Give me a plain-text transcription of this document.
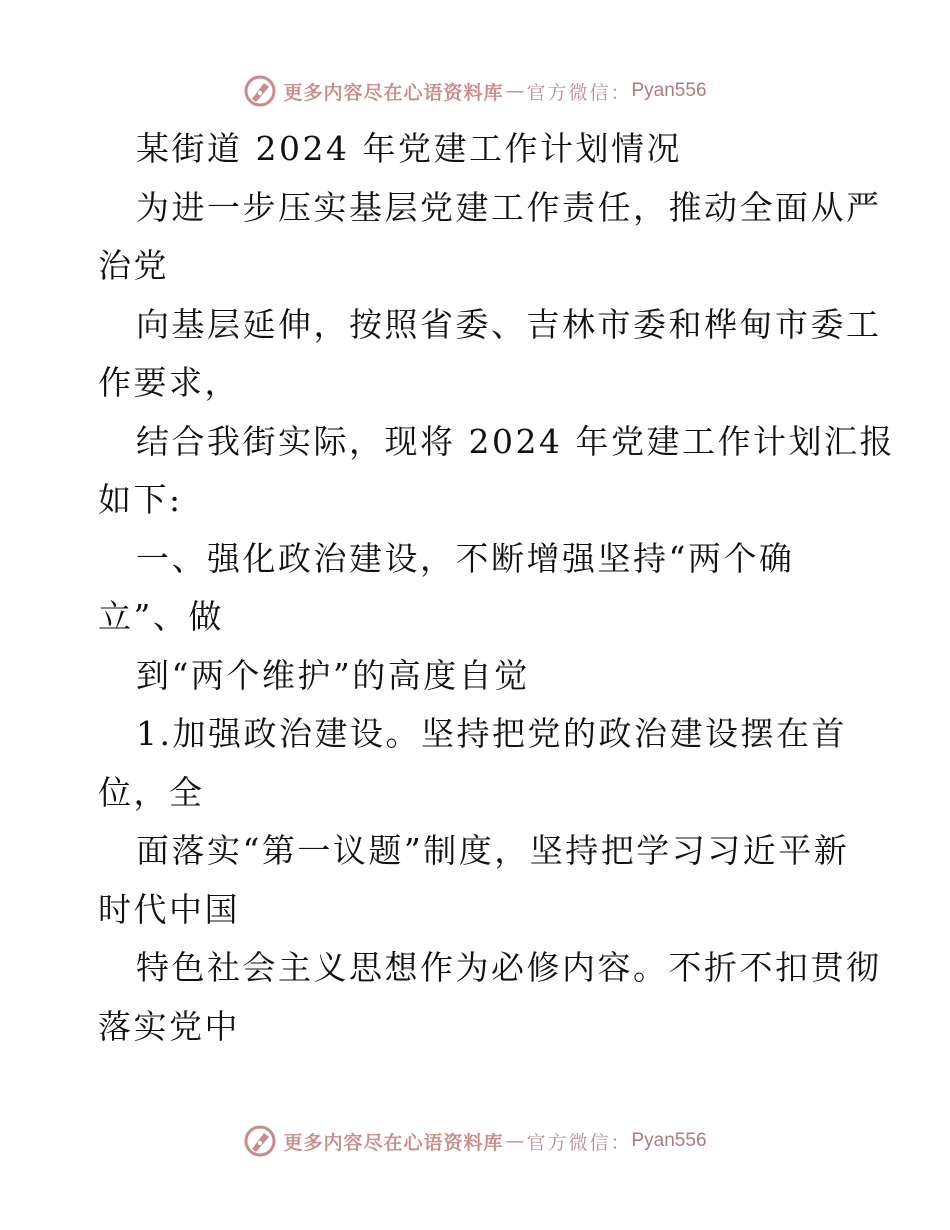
更多内容尽在心语资料库 — 官方微信： Pyan556
某街道 2024 年党建工作计划情况
为进一步压实基层党建工作责任，推动全面从严
治党
向基层延伸，按照省委、吉林市委和桦甸市委工
作要求，
结合我街实际，现将 2024 年党建工作计划汇报
如下:
一、强化政治建设，不断增强坚持“两个确
立”、做
到“两个维护”的高度自觉
1.加强政治建设。坚持把党的政治建设摆在首
位，全
面落实“第一议题”制度，坚持把学习习近平新
时代中国
特色社会主义思想作为必修内容。不折不扣贯彻
落实党中
更多内容尽在心语资料库 — 官方微信： Pyan556
